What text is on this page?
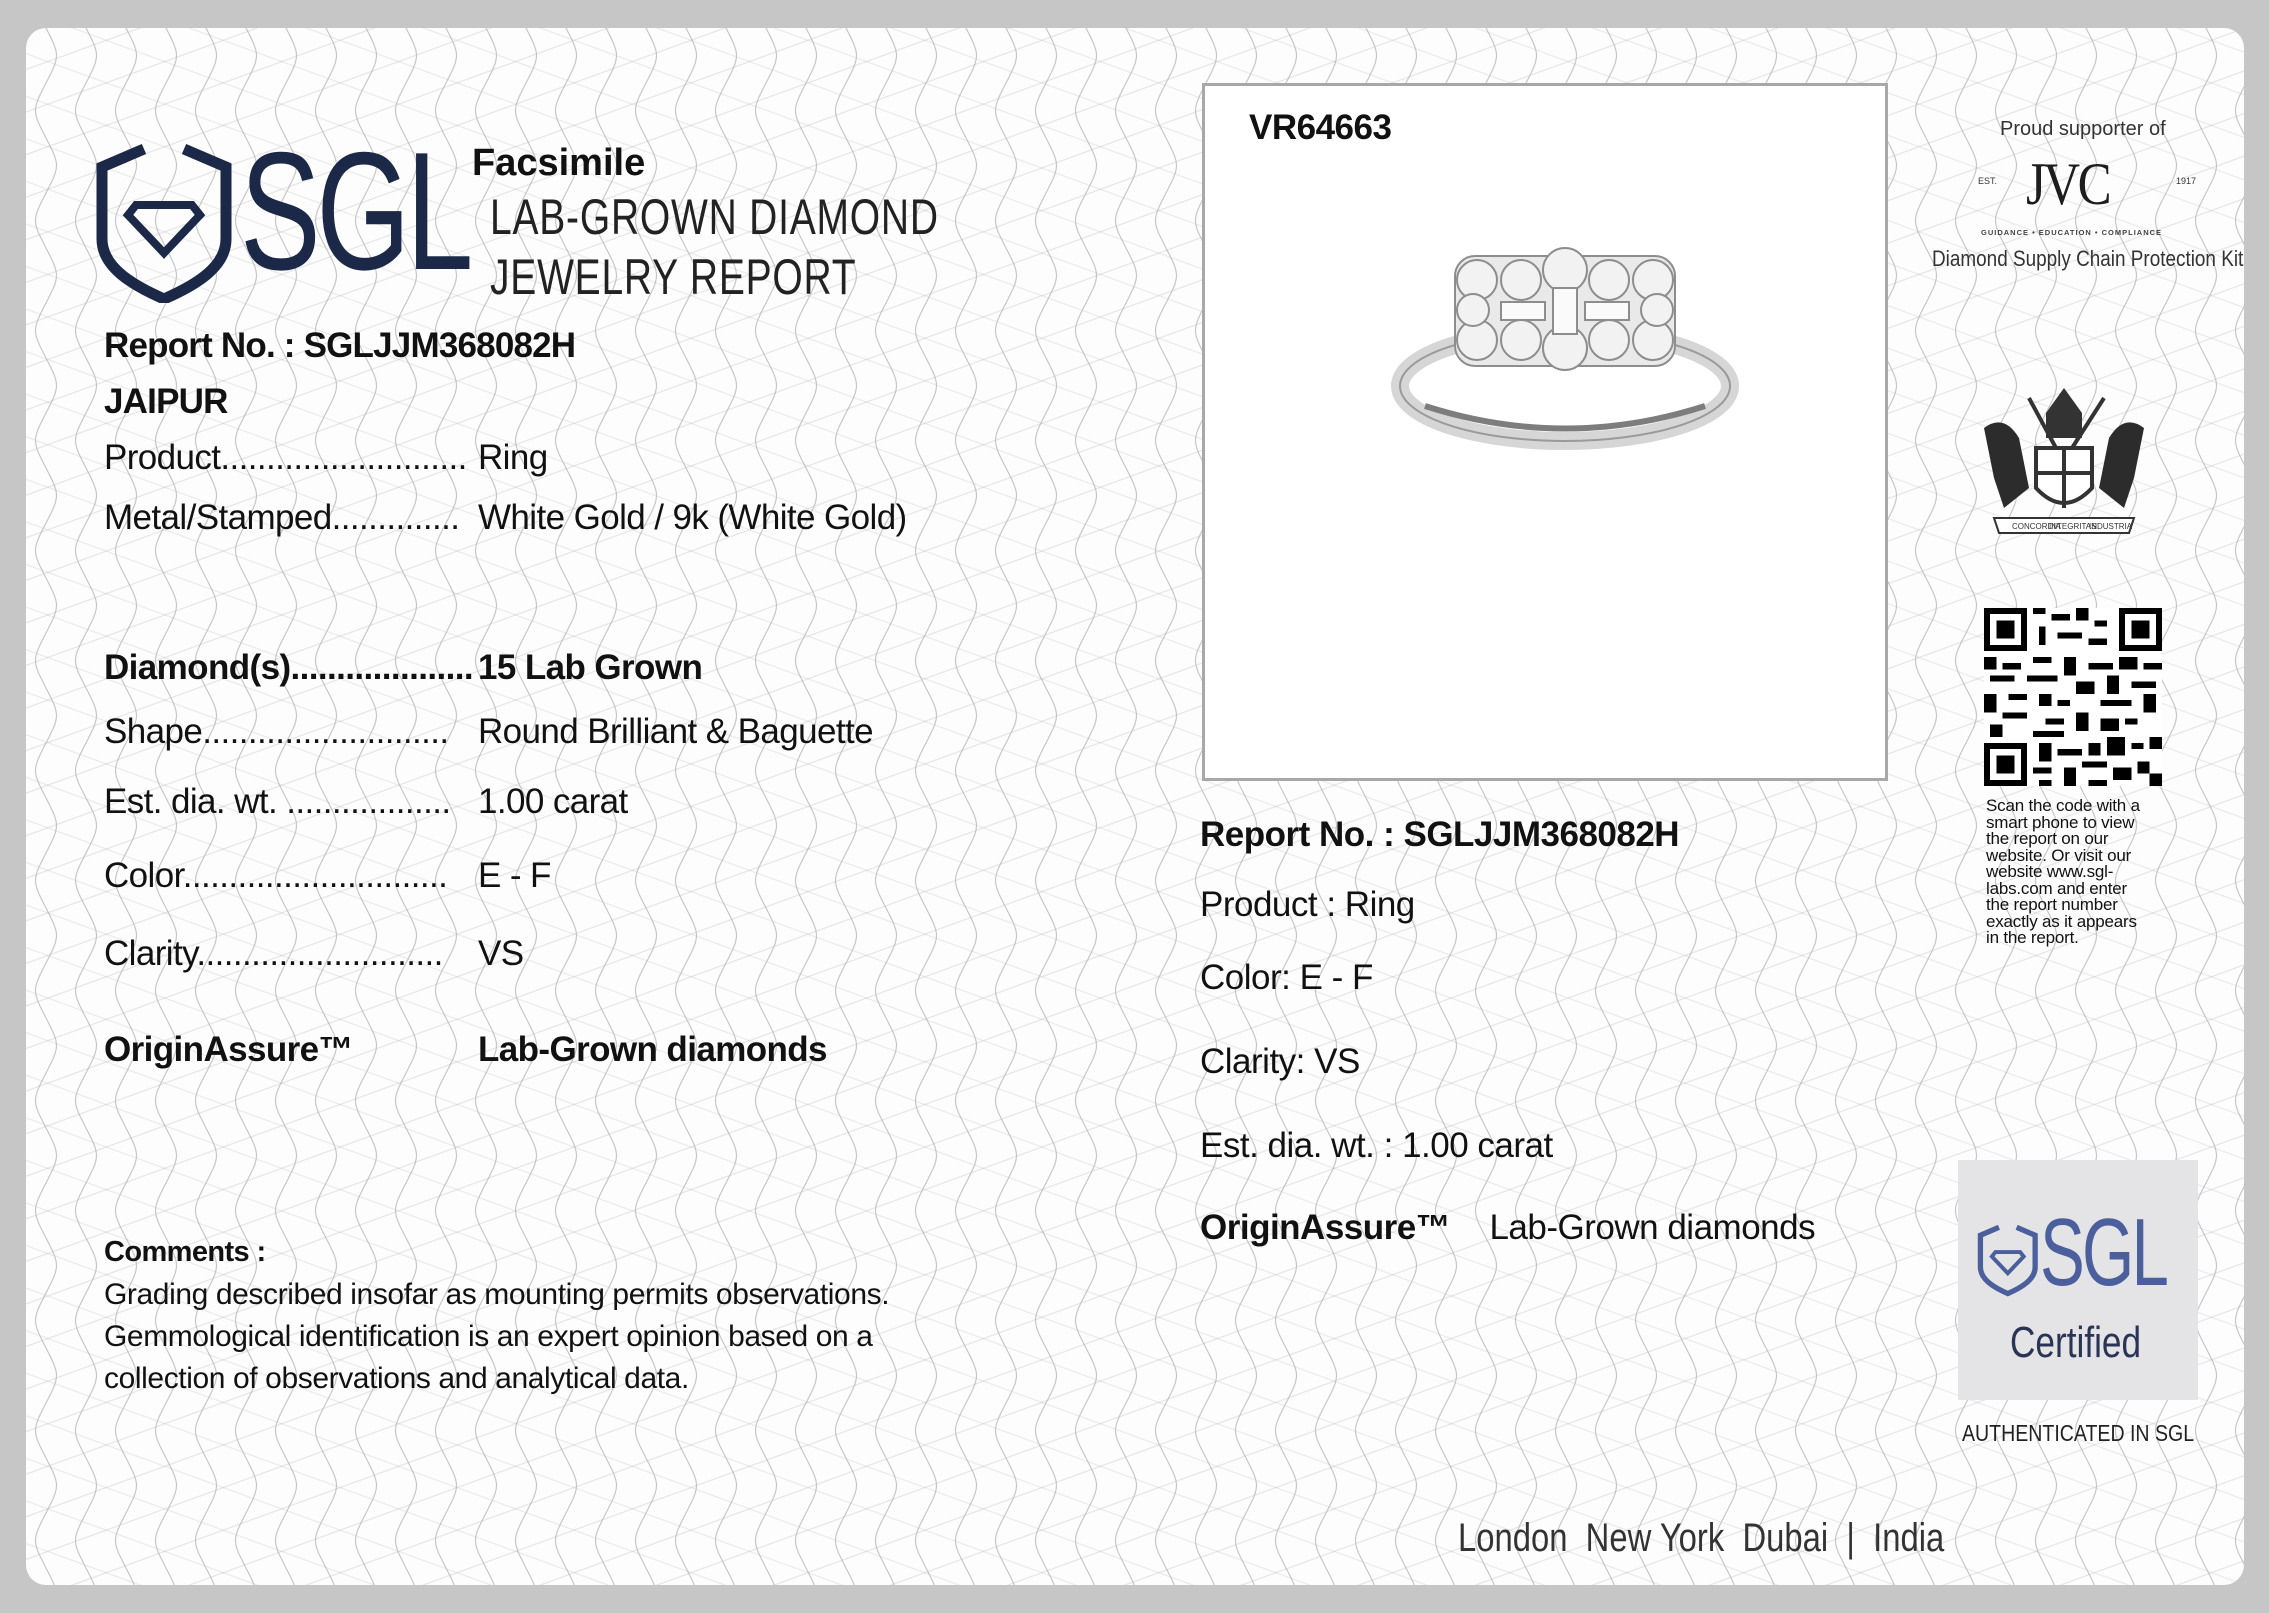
SGL Facsimile
LAB-GROWN DIAMOND
JEWELRY REPORT
Report No. : SGLJJM368082H
JAIPUR
Product........................... Ring
Metal/Stamped.............. White Gold / 9k (White Gold)
Diamond(s).................... 15 Lab Grown
Shape........................... Round Brilliant & Baguette
Est. dia. wt. .................. 1.00 carat
Color............................. E - F
Clarity........................... VS
OriginAssure™	Lab-Grown diamonds
Comments :
Grading described insofar as mounting permits observations.
Gemmological identification is an expert opinion based on a
collection of observations and analytical data.
VR64663
Report No. : SGLJJM368082H
Product : Ring
Color: E - F
Clarity: VS
Est. dia. wt. : 1.00 carat
OriginAssure™ Lab-Grown diamonds
Proud supporter of
EST. JVC	1917
GUIDANCE • EDUCATION • COMPLIANCE
Diamond Supply Chain Protection Kit
CONCORDIA
INTEGRITAS
INDUSTRIA
Scan the code with a
smart phone to view
the report on our
website. Or visit our
website www.sgl-
labs.com and enter
the report number
exactly as it appears
in the report.
SGL
Certified
AUTHENTICATED IN SGL
London  New York  Dubai  |  India
